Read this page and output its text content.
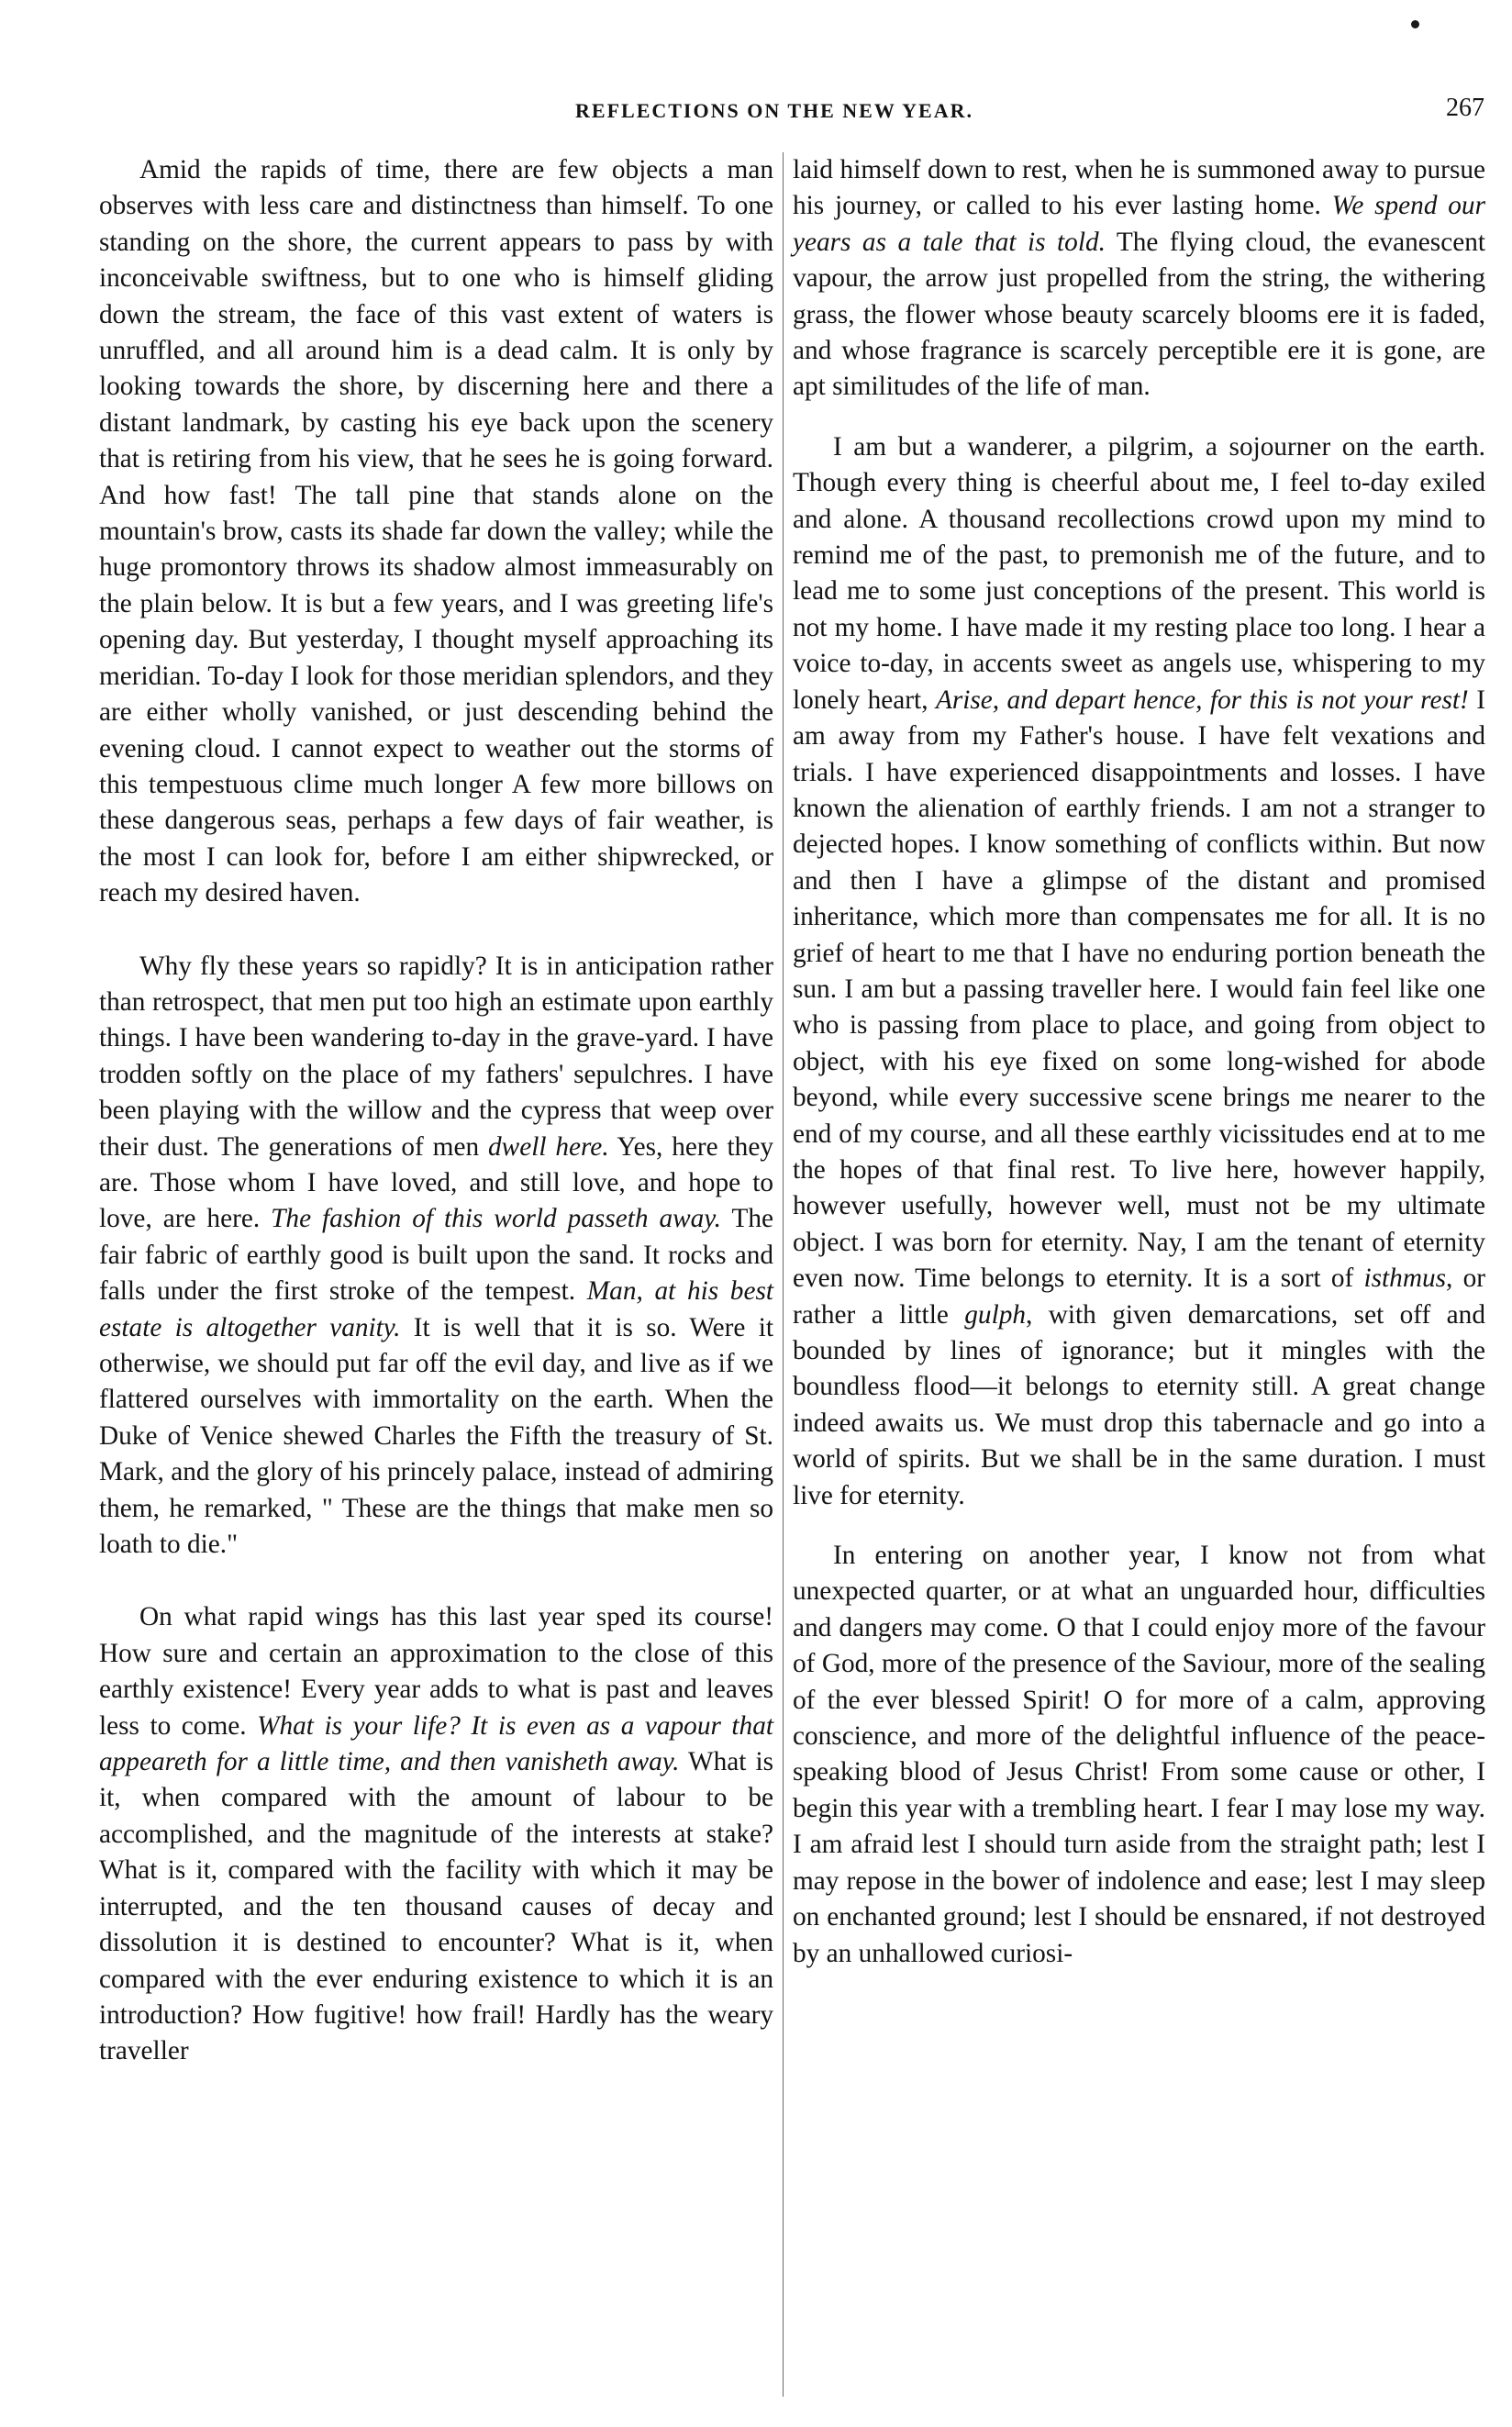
REFLECTIONS ON THE NEW YEAR.	267

Amid the rapids of time, there are few objects a man observes with less care and distinctness than himself. To one standing on the shore, the current appears to pass by with inconceivable swiftness, but to one who is himself gliding down the stream, the face of this vast extent of waters is unruffled, and all around him is a dead calm. It is only by looking towards the shore, by discerning here and there a distant landmark, by casting his eye back upon the scenery that is retiring from his view, that he sees he is going forward. And how fast! The tall pine that stands alone on the mountain's brow, casts its shade far down the valley; while the huge promontory throws its shadow almost immeasurably on the plain below. It is but a few years, and I was greeting life's opening day. But yesterday, I thought myself approaching its meridian. To-day I look for those meridian splendors, and they are either wholly vanished, or just descending behind the evening cloud. I cannot expect to weather out the storms of this tempestuous clime much longer A few more billows on these dangerous seas, perhaps a few days of fair weather, is the most I can look for, before I am either shipwrecked, or reach my desired haven.

Why fly these years so rapidly? It is in anticipation rather than retrospect, that men put too high an estimate upon earthly things. I have been wandering to-day in the grave-yard. I have trodden softly on the place of my fathers' sepulchres. I have been playing with the willow and the cypress that weep over their dust. The generations of men dwell here. Yes, here they are. Those whom I have loved, and still love, and hope to love, are here. The fashion of this world passeth away. The fair fabric of earthly good is built upon the sand. It rocks and falls under the first stroke of the tempest. Man, at his best estate is altogether vanity. It is well that it is so. Were it otherwise, we should put far off the evil day, and live as if we flattered ourselves with immortality on the earth. When the Duke of Venice shewed Charles the Fifth the treasury of St. Mark, and the glory of his princely palace, instead of admiring them, he remarked, " These are the things that make men so loath to die."

On what rapid wings has this last year sped its course! How sure and certain an approximation to the close of this earthly existence! Every year adds to what is past and leaves less to come. What is your life? It is even as a vapour that appeareth for a little time, and then vanisheth away. What is it, when compared with the amount of labour to be accomplished, and the magnitude of the interests at stake? What is it, compared with the facility with which it may be interrupted, and the ten thousand causes of decay and dissolution it is destined to encounter? What is it, when compared with the ever enduring existence to which it is an introduction? How fugitive! how frail! Hardly has the weary traveller

laid himself down to rest, when he is summoned away to pursue his journey, or called to his ever lasting home. We spend our years as a tale that is told. The flying cloud, the evanescent vapour, the arrow just propelled from the string, the withering grass, the flower whose beauty scarcely blooms ere it is faded, and whose fragrance is scarcely perceptible ere it is gone, are apt similitudes of the life of man.

I am but a wanderer, a pilgrim, a sojourner on the earth. Though every thing is cheerful about me, I feel to-day exiled and alone. A thousand recollections crowd upon my mind to remind me of the past, to premonish me of the future, and to lead me to some just conceptions of the present. This world is not my home. I have made it my resting place too long. I hear a voice to-day, in accents sweet as angels use, whispering to my lonely heart, Arise, and depart hence, for this is not your rest! I am away from my Father's house. I have felt vexations and trials. I have experienced disappointments and losses. I have known the alienation of earthly friends. I am not a stranger to dejected hopes. I know something of conflicts within. But now and then I have a glimpse of the distant and promised inheritance, which more than compensates me for all. It is no grief of heart to me that I have no enduring portion beneath the sun. I am but a passing traveller here. I would fain feel like one who is passing from place to place, and going from object to object, with his eye fixed on some long-wished for abode beyond, while every successive scene brings me nearer to the end of my course, and all these earthly vicissitudes end at to me the hopes of that final rest. To live here, however happily, however usefully, however well, must not be my ultimate object. I was born for eternity. Nay, I am the tenant of eternity even now. Time belongs to eternity. It is a sort of isthmus, or rather a little gulph, with given demarcations, set off and bounded by lines of ignorance; but it mingles with the boundless flood—it belongs to eternity still. A great change indeed awaits us. We must drop this tabernacle and go into a world of spirits. But we shall be in the same duration. I must live for eternity.

In entering on another year, I know not from what unexpected quarter, or at what an unguarded hour, difficulties and dangers may come. O that I could enjoy more of the favour of God, more of the presence of the Saviour, more of the sealing of the ever blessed Spirit! O for more of a calm, approving conscience, and more of the delightful influence of the peace-speaking blood of Jesus Christ! From some cause or other, I begin this year with a trembling heart. I fear I may lose my way. I am afraid lest I should turn aside from the straight path; lest I may repose in the bower of indolence and ease; lest I may sleep on enchanted ground; lest I should be ensnared, if not destroyed by an unhallowed curiosi-
